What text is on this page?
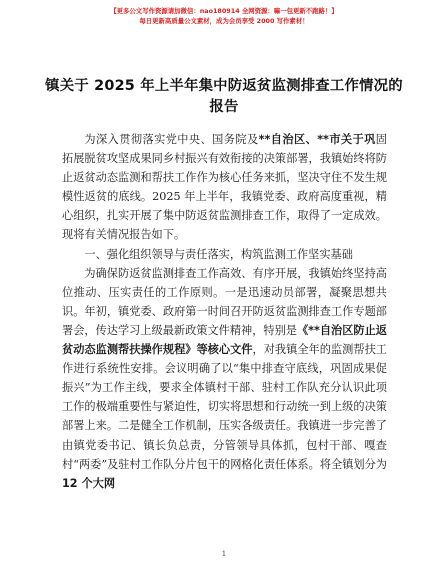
【更多公文写作资源请加微信：nao180914 全网资源：嘛一包更新不跑路！】
每日更新高质量公文素材，成为会员享受 2000 写作素材！
镇关于 2025 年上半年集中防返贫监测排查工作情况的报告

为深入贯彻落实党中央、国务院及**自治区、**市关于巩固拓展脱贫攻坚成果同乡村振兴有效衔接的决策部署，我镇始终将防止返贫动态监测和帮扶工作作为核心任务来抓，坚决守住不发生规模性返贫的底线。2025 年上半年，我镇党委、政府高度重视，精心组织，扎实开展了集中防返贫监测排查工作，取得了一定成效。现将有关情况报告如下。

一、强化组织领导与责任落实，构筑监测工作坚实基础

为确保防返贫监测排查工作高效、有序开展，我镇始终坚持高位推动、压实责任的工作原则。一是迅速动员部署，凝聚思想共识。年初，镇党委、政府第一时间召开防返贫监测排查工作专题部署会，传达学习上级最新政策文件精神，特别是《**自治区防止返贫动态监测帮扶操作规程》等核心文件，对我镇全年的监测帮扶工作进行系统性安排。会议明确了以“集中排查守底线，巩固成果促振兴”为工作主线，要求全体镇村干部、驻村工作队充分认识此项工作的极端重要性与紧迫性，切实将思想和行动统一到上级的决策部署上来。二是健全工作机制，压实各级责任。我镇进一步完善了由镇党委书记、镇长负总责，分管领导具体抓，包村干部、嘎查村“两委”及驻村工作队分片包干的网格化责任体系。将全镇划分为12 个大网

1
